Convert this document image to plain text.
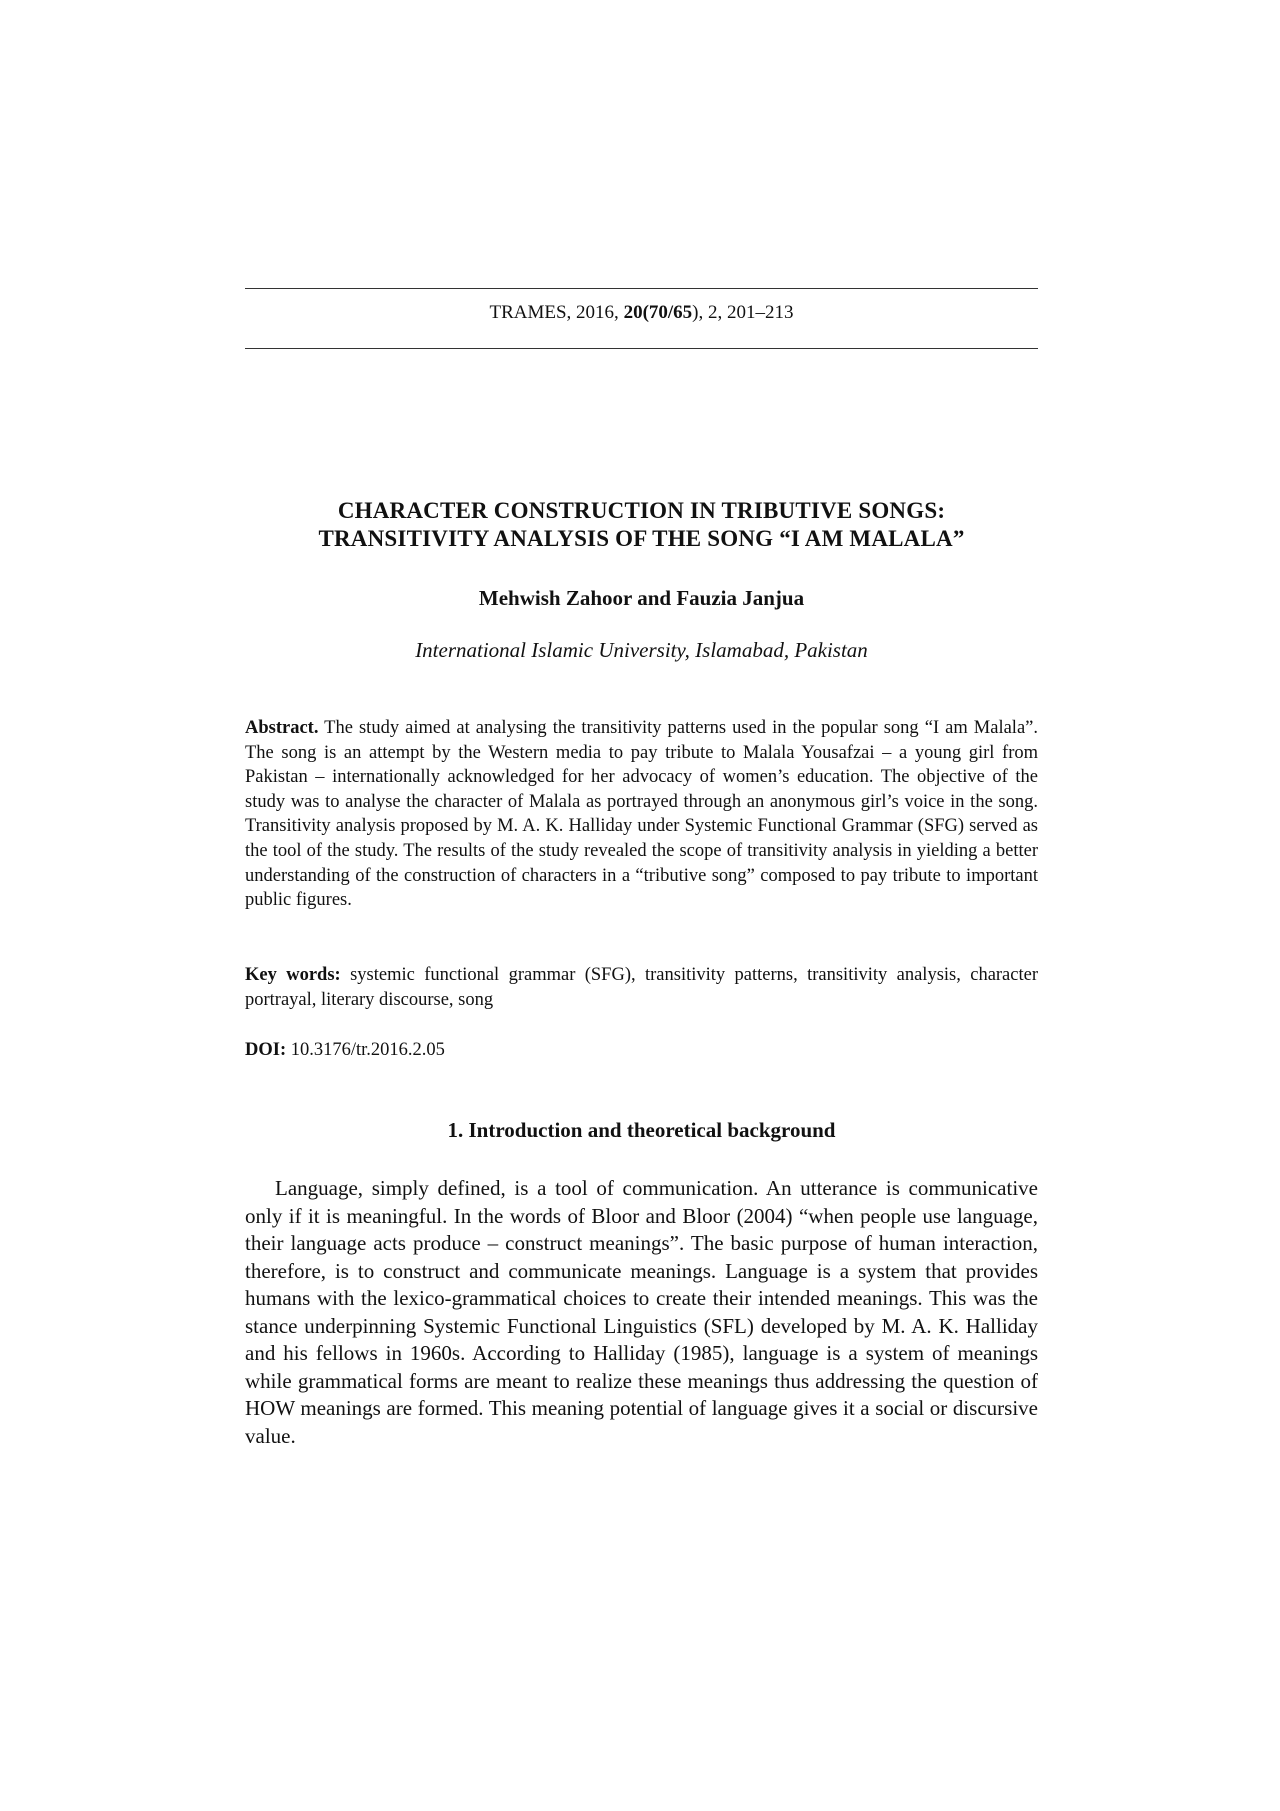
TRAMES, 2016, 20(70/65), 2, 201–213
CHARACTER CONSTRUCTION IN TRIBUTIVE SONGS:
TRANSITIVITY ANALYSIS OF THE SONG “I AM MALALA”
Mehwish Zahoor and Fauzia Janjua
International Islamic University, Islamabad, Pakistan
Abstract. The study aimed at analysing the transitivity patterns used in the popular song “I am Malala”. The song is an attempt by the Western media to pay tribute to Malala Yousafzai – a young girl from Pakistan – internationally acknowledged for her advocacy of women’s education. The objective of the study was to analyse the character of Malala as portrayed through an anonymous girl’s voice in the song. Transitivity analysis proposed by M. A. K. Halliday under Systemic Functional Grammar (SFG) served as the tool of the study. The results of the study revealed the scope of transitivity analysis in yielding a better understanding of the construction of characters in a “tributive song” composed to pay tribute to important public figures.
Key words: systemic functional grammar (SFG), transitivity patterns, transitivity analysis, character portrayal, literary discourse, song
DOI: 10.3176/tr.2016.2.05
1. Introduction and theoretical background

Language, simply defined, is a tool of communication. An utterance is communicative only if it is meaningful. In the words of Bloor and Bloor (2004) “when people use language, their language acts produce – construct meanings”. The basic purpose of human interaction, therefore, is to construct and communicate meanings. Language is a system that provides humans with the lexico-grammatical choices to create their intended meanings. This was the stance underpinning Systemic Functional Linguistics (SFL) developed by M. A. K. Halliday and his fellows in 1960s. According to Halliday (1985), language is a system of meanings while grammatical forms are meant to realize these meanings thus addressing the question of HOW meanings are formed. This meaning potential of language gives it a social or discursive value.
